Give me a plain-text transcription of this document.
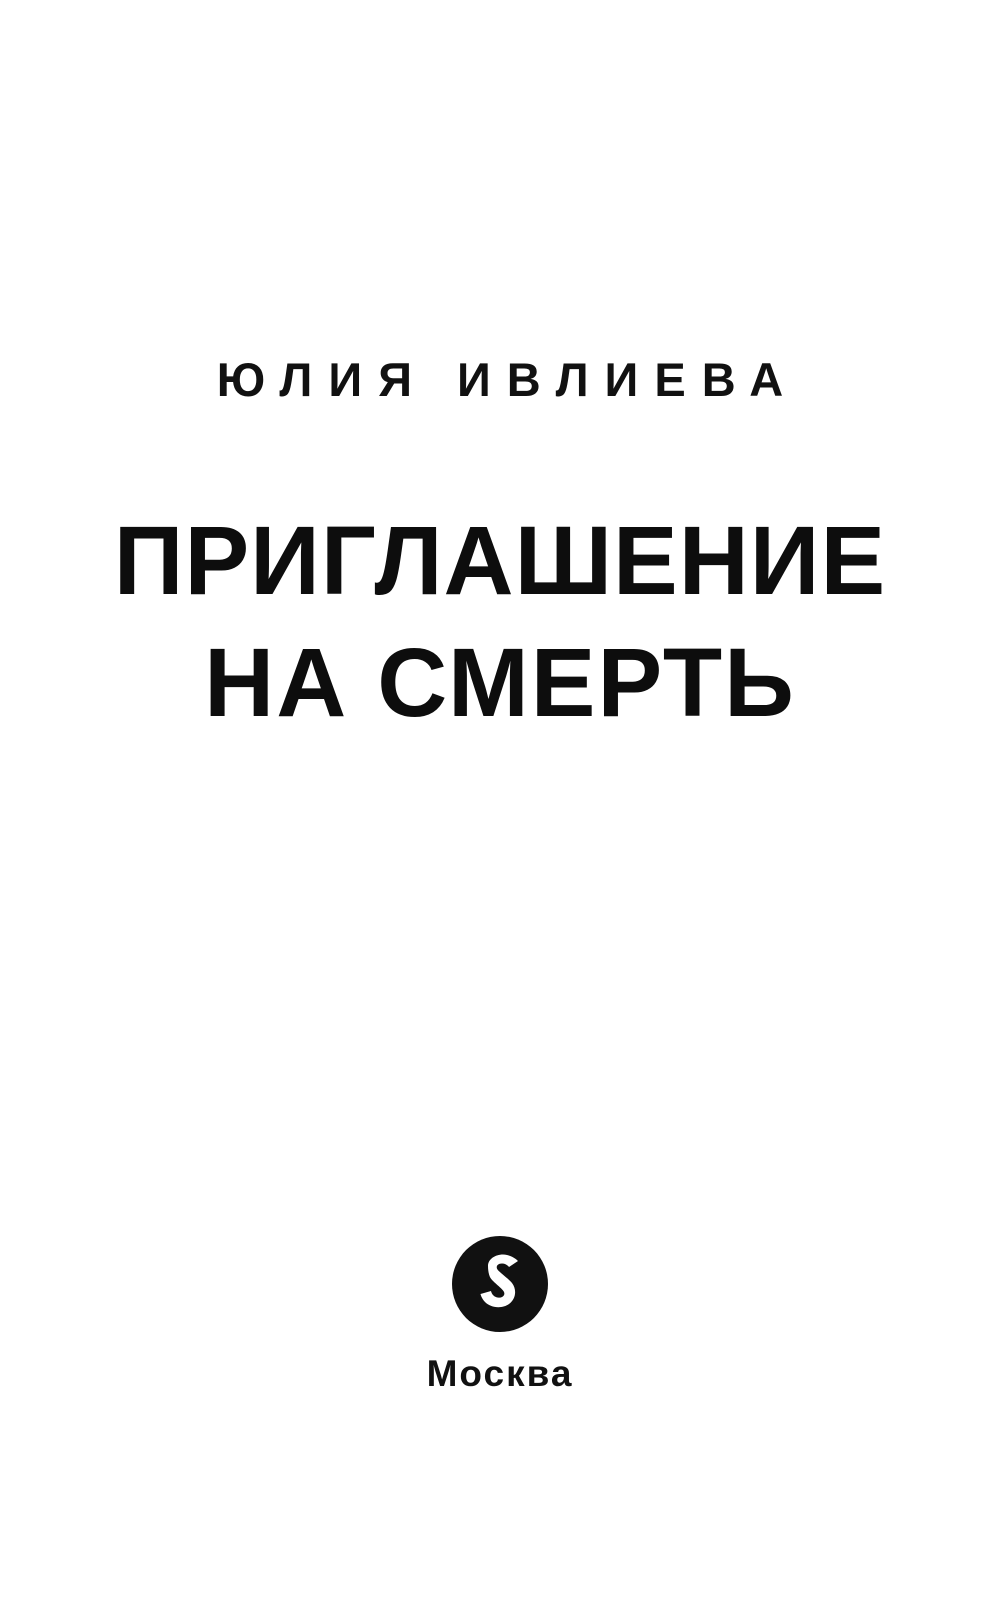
ЮЛИЯ ИВЛИЕВА
ПРИГЛАШЕНИЕ
НА СМЕРТЬ
Москва
